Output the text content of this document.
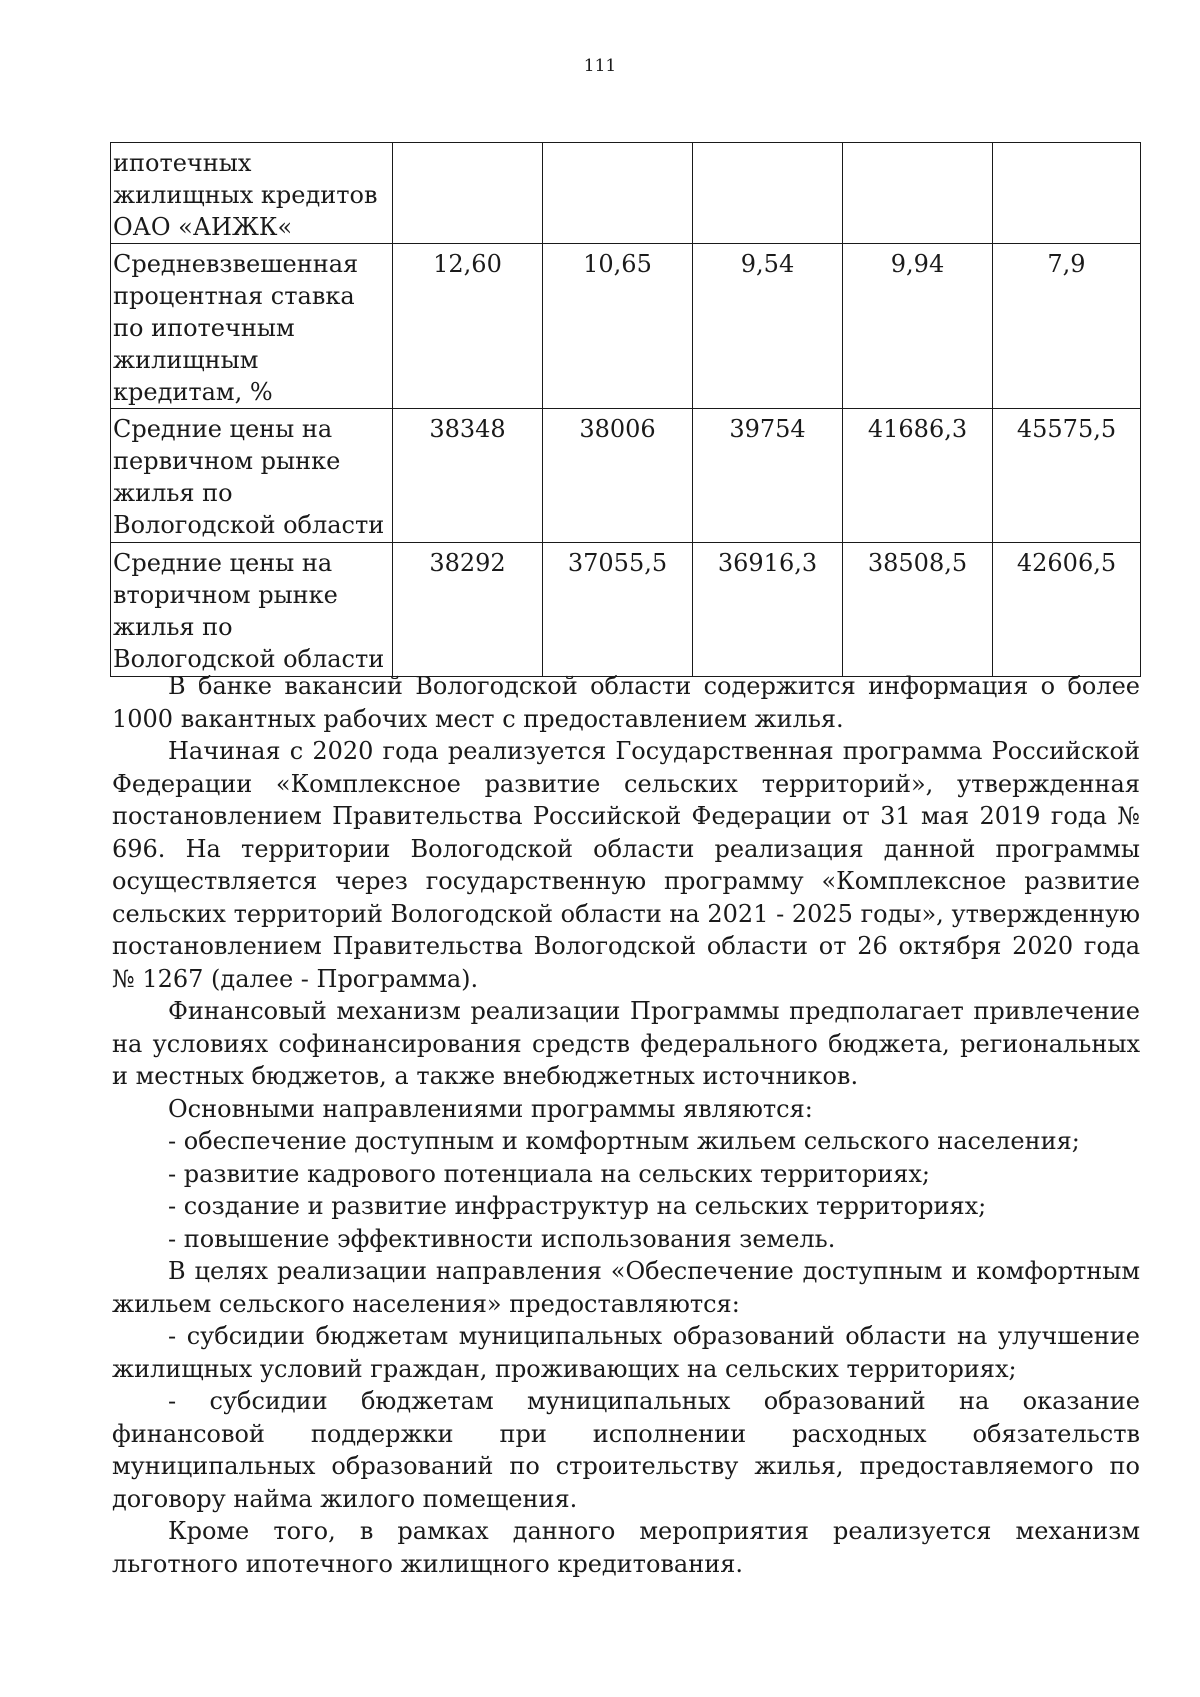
111
ипотечных жилищных кредитов ОАО «АИЖК«					
Средневзвешенная процентная ставка по ипотечным жилищным кредитам, %	12,60	10,65	9,54	9,94	7,9
Средние цены на первичном рынке жилья по Вологодской области	38348	38006	39754	41686,3	45575,5
Средние цены на вторичном рынке жилья по Вологодской области	38292	37055,5	36916,3	38508,5	42606,5

В банке вакансий Вологодской области содержится информация о более 1000 вакантных рабочих мест с предоставлением жилья.

Начиная с 2020 года реализуется Государственная программа Российской Федерации «Комплексное развитие сельских территорий», утвержденная постановлением Правительства Российской Федерации от 31 мая 2019 года № 696. На территории Вологодской области реализация данной программы осуществляется через государственную программу «Комплексное развитие сельских территорий Вологодской области на 2021 - 2025 годы», утвержденную постановлением Правительства Вологодской области от 26 октября 2020 года № 1267 (далее - Программа).

Финансовый механизм реализации Программы предполагает привлечение на условиях софинансирования средств федерального бюджета, региональных и местных бюджетов, а также внебюджетных источников.

Основными направлениями программы являются:

- обеспечение доступным и комфортным жильем сельского населения;

- развитие кадрового потенциала на сельских территориях;

- создание и развитие инфраструктур на сельских территориях;

- повышение эффективности использования земель.

В целях реализации направления «Обеспечение доступным и комфортным жильем сельского населения» предоставляются:

- субсидии бюджетам муниципальных образований области на улучшение жилищных условий граждан, проживающих на сельских территориях;

- субсидии бюджетам муниципальных образований на оказание финансовой поддержки при исполнении расходных обязательств муниципальных образований по строительству жилья, предоставляемого по договору найма жилого помещения.

Кроме того, в рамках данного мероприятия реализуется механизм льготного ипотечного жилищного кредитования.
